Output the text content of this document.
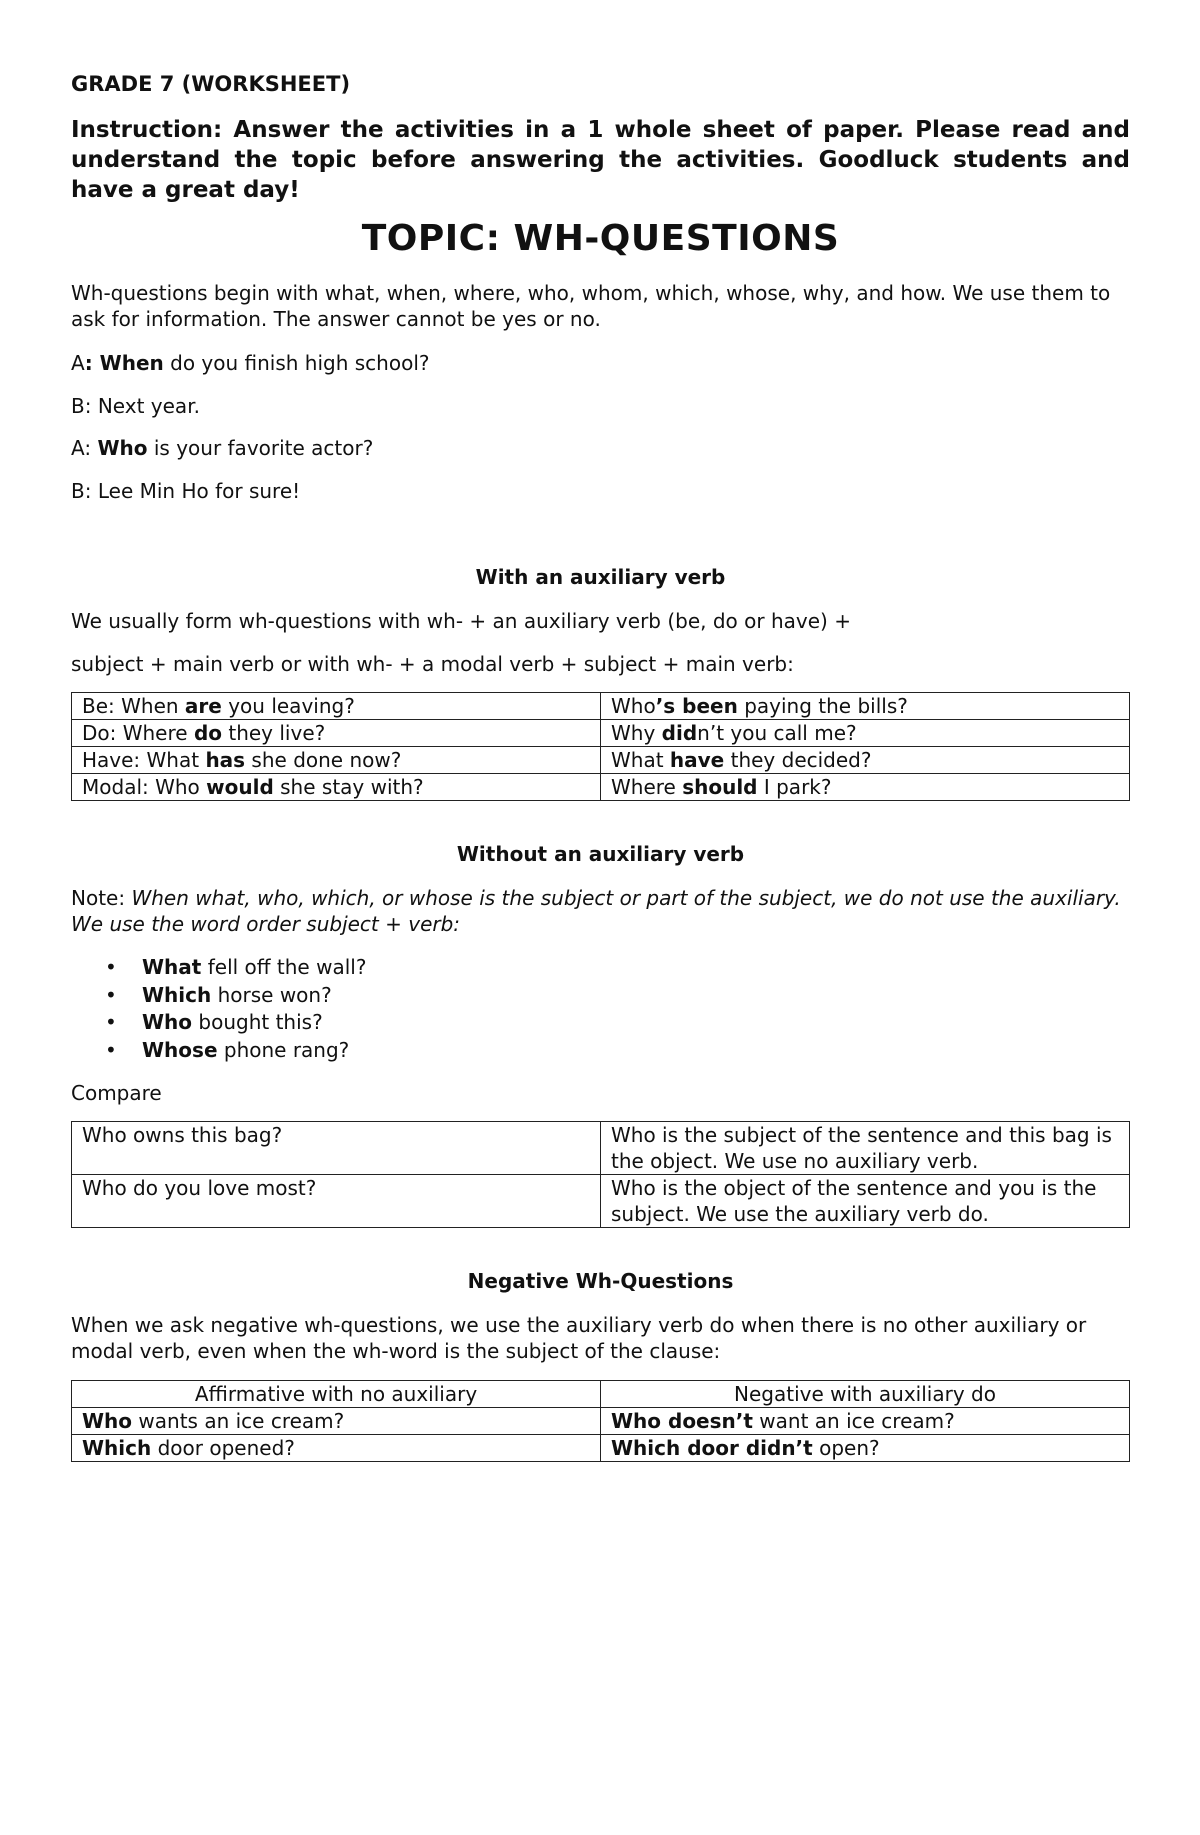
GRADE 7 (WORKSHEET)
Instruction: Answer the activities in a 1 whole sheet of paper. Please read and understand the topic before answering the activities. Goodluck students and have a great day!
TOPIC: WH-QUESTIONS
Wh-questions begin with what, when, where, who, whom, which, whose, why, and how. We use them to ask for information. The answer cannot be yes or no.
A: When do you finish high school?
B: Next year.
A: Who is your favorite actor?
B: Lee Min Ho for sure!
With an auxiliary verb
We usually form wh-questions with wh- + an auxiliary verb (be, do or have) +
subject + main verb or with wh- + a modal verb + subject + main verb:
Be: When are you leaving?	Who’s been paying the bills?
Do: Where do they live?	Why didn’t you call me?
Have: What has she done now?	What have they decided?
Modal: Who would she stay with?	Where should I park?
Without an auxiliary verb
Note: When what, who, which, or whose is the subject or part of the subject, we do not use the auxiliary. We use the word order subject + verb:
• What fell off the wall?
• Which horse won?
• Who bought this?
• Whose phone rang?
Compare
Who owns this bag?	Who is the subject of the sentence and this bag is the object. We use no auxiliary verb.
Who do you love most?	Who is the object of the sentence and you is the subject. We use the auxiliary verb do.
Negative Wh-Questions
When we ask negative wh-questions, we use the auxiliary verb do when there is no other auxiliary or modal verb, even when the wh-word is the subject of the clause:
Affirmative with no auxiliary	Negative with auxiliary do
Who wants an ice cream?	Who doesn’t want an ice cream?
Which door opened?	Which door didn’t open?
